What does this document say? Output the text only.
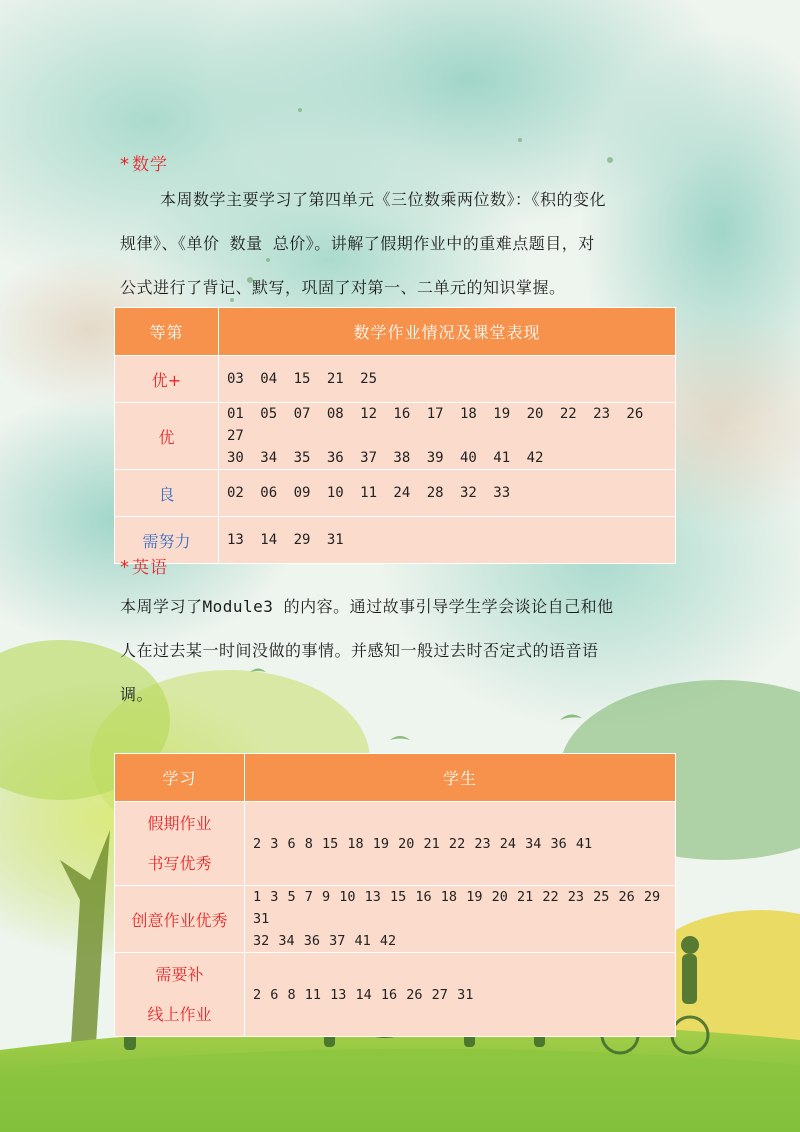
* 数学
本周数学主要学习了第四单元《三位数乘两位数》：《积的变化
规律》、《单价 数量 总价》。讲解了假期作业中的重难点题目，对
公式进行了背记、默写，巩固了对第一、二单元的知识掌握。
等第	数学作业情况及课堂表现
优+	03 04 15 21 25
优	01 05 07 08 12 16 17 18 19 20 22 23 26 27
30 34 35 36 37 38 39 40 41 42

良	02 06 09 10 11 24 28 32 33
需努力	13 14 29 31
* 英语
本周学习了Module3 的内容。通过故事引导学生学会谈论自己和他
人在过去某一时间没做的事情。并感知一般过去时否定式的语音语
调。
学习	学生

假期作业
书写优秀	2 3 6 8 15 18 19 20 21 22 23 24 34 36 41
创意作业优秀	1 3 5 7 9 10 13 15 16 18 19 20 21 22 23 25 26 29 31
32 34 36 37 41 42

需要补
线上作业	2 6 8 11 13 14 16 26 27 31
